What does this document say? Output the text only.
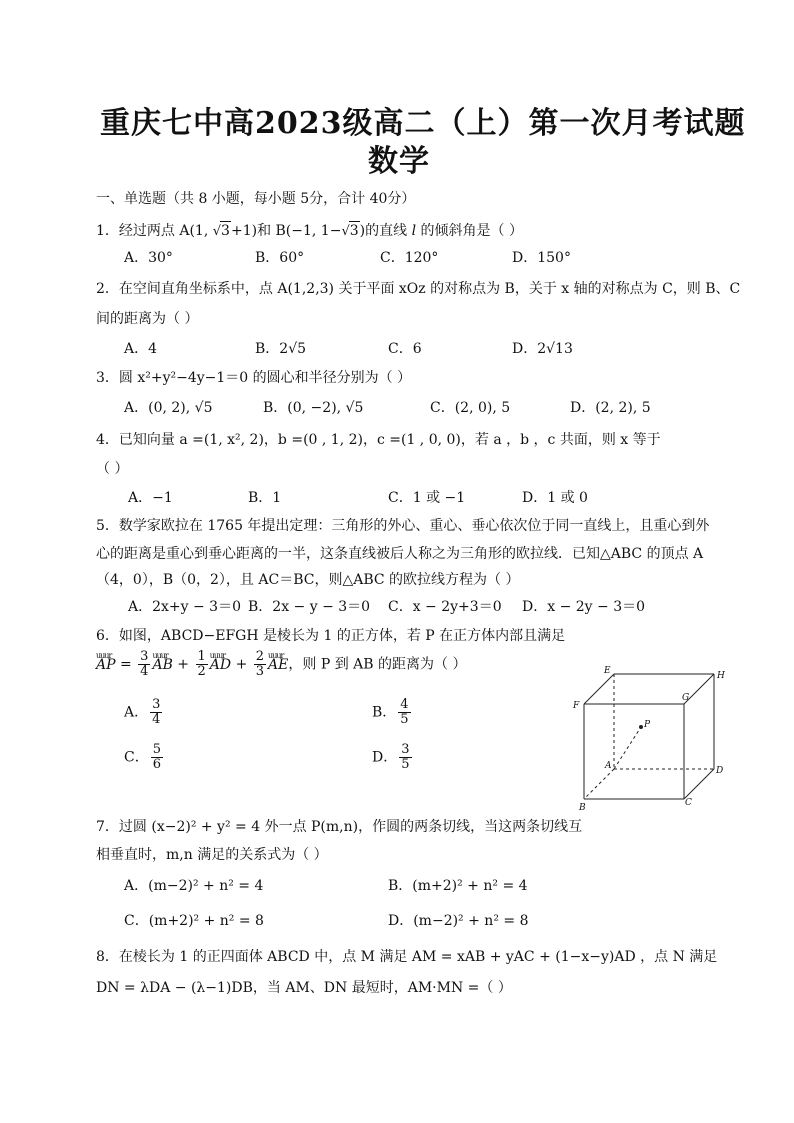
重庆七中高2023级高二（上）第一次月考试题
数学
一、单选题（共 8 小题，每小题 5分，合计 40分）
1．经过两点 A(1, √3+1)和 B(−1, 1−√3)的直线 l 的倾斜角是（ ）
A．30°	B．60°	C．120°	D．150°
2．在空间直角坐标系中，点 A(1,2,3) 关于平面 xOz 的对称点为 B，关于 x 轴的对称点为 C，则 B、C
间的距离为（ ）
A．4	B．2√5	C．6	D．2√13
3．圆 x²+y²−4y−1＝0 的圆心和半径分别为（ ）
A．(0, 2), √5	B．(0, −2), √5	C．(2, 0), 5	D．(2, 2), 5
4．已知向量 a =(1, x², 2)，b =(0 , 1, 2)，c =(1 , 0, 0)，若 a ，b ，c 共面，则 x 等于
（ ）
A．−1	B．1	C．1 或 −1	D．1 或 0
5．数学家欧拉在 1765 年提出定理：三角形的外心、重心、垂心依次位于同一直线上，且重心到外
心的距离是重心到垂心距离的一半，这条直线被后人称之为三角形的欧拉线．已知△ABC 的顶点 A
（4，0），B（0，2），且 AC＝BC，则△ABC 的欧拉线方程为（ ）
A．2x+y − 3＝0 B．2x − y − 3＝0 C．x − 2y+3＝0 D．x − 2y − 3＝0
6．如图，ABCD−EFGH 是棱长为 1 的正方体，若 P 在正方体内部且满足
uuur AP = $\frac{3}{4}$ uuur AB + $\frac{1}{2}$ uuur AD + $\frac{2}{3}$ uuur AE，则 P 到 AB 的距离为（ ）
A． $\frac{3}{4}$	B． $\frac{4}{5}$
C． $\frac{5}{6}$	D． $\frac{3}{5}$
E	H
F
G
P
A	D
B	C
7．过圆 (x−2)² + y² = 4 外一点 P(m,n)，作圆的两条切线，当这两条切线互
相垂直时，m,n 满足的关系式为（ ）
A．(m−2)² + n² = 4	B．(m+2)² + n² = 4
C．(m+2)² + n² = 8	D．(m−2)² + n² = 8
8．在棱长为 1 的正四面体 ABCD 中，点 M 满足 AM = xAB + yAC + (1−x−y)AD ，点 N 满足
DN = λDA − (λ−1)DB，当 AM、DN 最短时，AM·MN =（ ）
